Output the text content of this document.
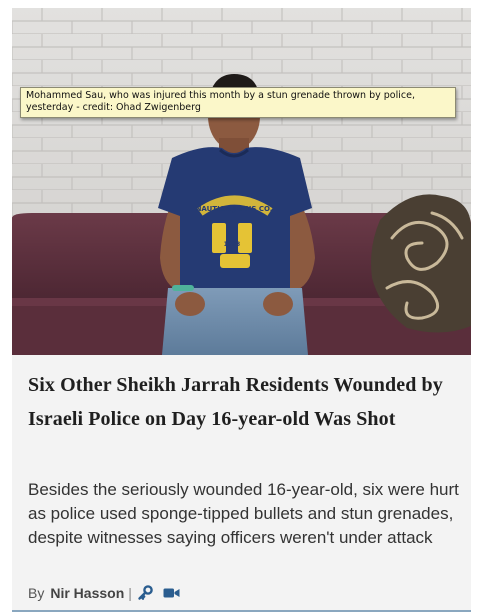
NAUTICA JEANS CO.
1983
Mohammed Sau, who was injured this month by a stun grenade thrown by police, yesterday - credit: Ohad Zwigenberg
Six Other Sheikh Jarrah Residents Wounded by Israeli Police on Day 16-year-old Was Shot

Besides the seriously wounded 16-year-old, six were hurt as police used sponge-tipped bullets and stun grenades, despite witnesses saying officers weren't under attack

By Nir Hasson |
